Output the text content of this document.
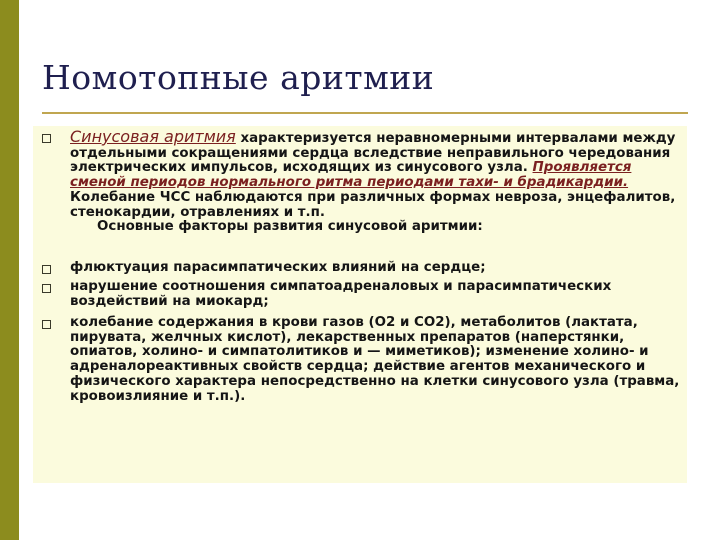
Номотопные аритмии

Синусовая аритмия характеризуется неравномерными интервалами между отдельными сокращениями сердца вследствие неправильного чередования электрических импульсов, исходящих из синусового узла. Проявляется сменой периодов нормального ритма периодами тахи- и брадикардии.

Колебание ЧСС наблюдаются при различных формах невроза, энцефалитов, стенокардии, отравлениях и т.п.

Основные факторы развития синусовой аритмии:

флюктуация парасимпатических влияний на сердце;
нарушение соотношения симпатоадреналовых и парасимпатических воздействий на миокард;
колебание содержания в крови газов (О2 и СО2), метаболитов (лактата, пирувата, желчных кислот), лекарственных препаратов (наперстянки, опиатов, холино- и симпатолитиков и — миметиков); изменение холино- и адреналореактивных свойств сердца; действие агентов механического и физического характера непосредственно на клетки синусового узла (травма, кровоизлияние и т.п.).
